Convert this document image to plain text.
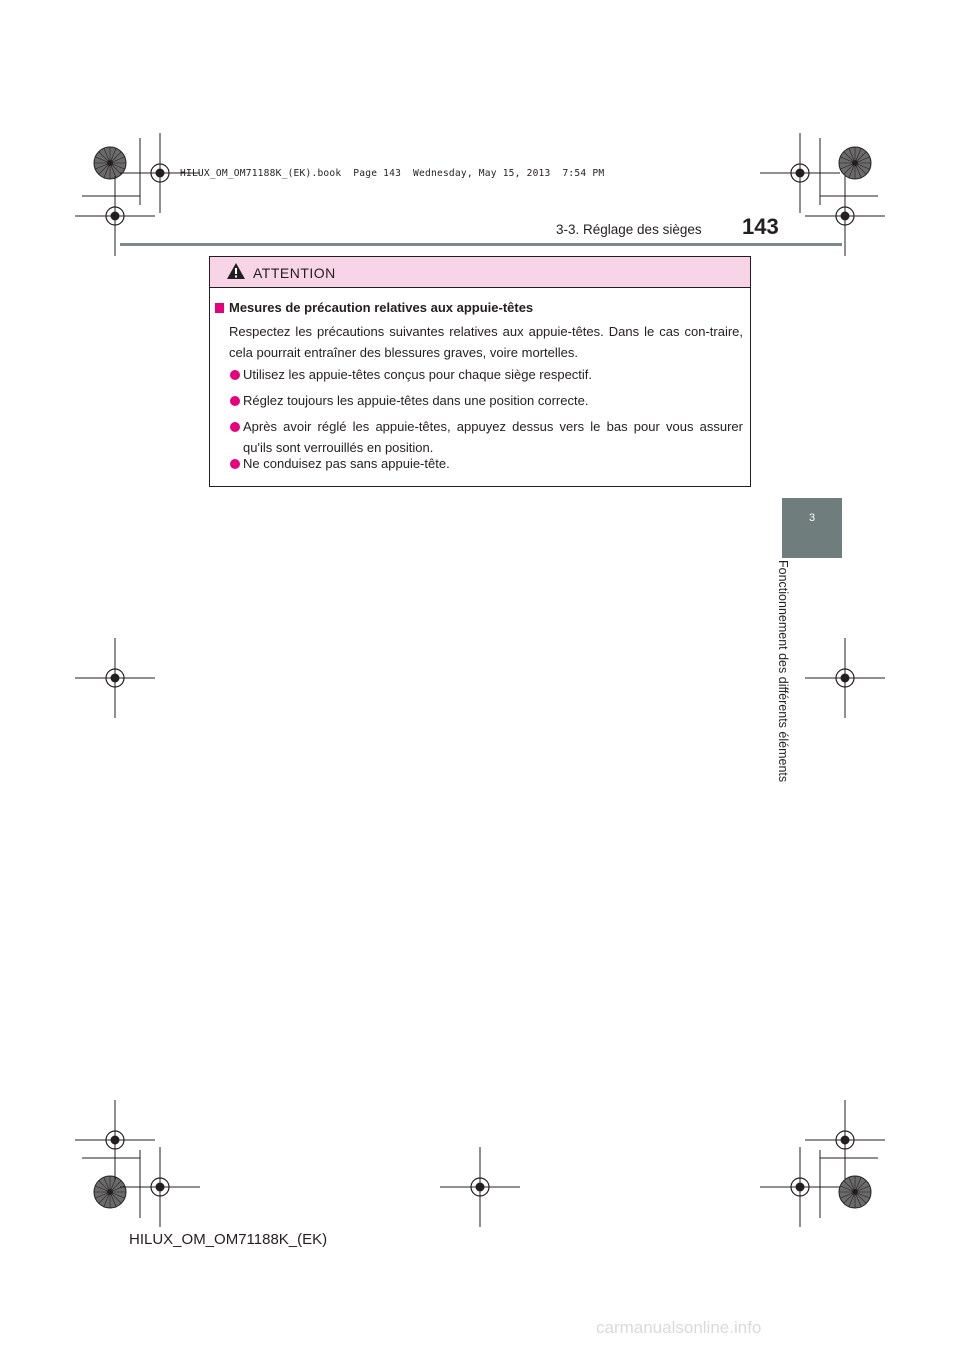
HILUX_OM_OM71188K_(EK).book  Page 143  Wednesday, May 15, 2013  7:54 PM
3-3. Réglage des sièges 143
3
Fonctionnement des différents éléments
ATTENTION
Mesures de précaution relatives aux appuie-têtes
Respectez les précautions suivantes relatives aux appuie-têtes. Dans le cas con-traire, cela pourrait entraîner des blessures graves, voire mortelles.
Utilisez les appuie-têtes conçus pour chaque siège respectif.
Réglez toujours les appuie-têtes dans une position correcte.
Après avoir réglé les appuie-têtes, appuyez dessus vers le bas pour vous assurer qu'ils sont verrouillés en position.
Ne conduisez pas sans appuie-tête.
HILUX_OM_OM71188K_(EK)
carmanualsonline.info
